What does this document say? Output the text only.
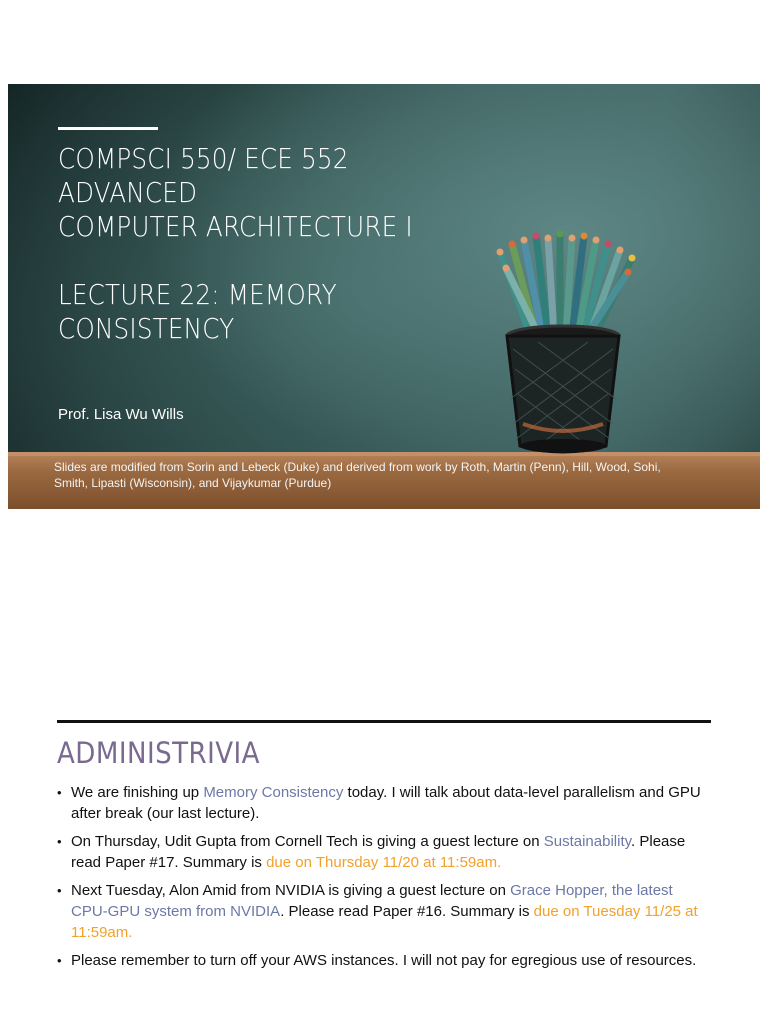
COMPSCI 550/ ECE 552
ADVANCED
COMPUTER ARCHITECTURE I
LECTURE 22: MEMORY
CONSISTENCY
Prof. Lisa Wu Wills
Slides are modified from Sorin and Lebeck (Duke) and derived from work by Roth, Martin (Penn), Hill, Wood, Sohi, Smith, Lipasti (Wisconsin), and Vijaykumar (Purdue)
ADMINISTRIVIA
• We are finishing up Memory Consistency today. I will talk about data-level parallelism and GPU after break (our last lecture).
• On Thursday, Udit Gupta from Cornell Tech is giving a guest lecture on Sustainability. Please read Paper #17. Summary is due on Thursday 11/20 at 11:59am.
• Next Tuesday, Alon Amid from NVIDIA is giving a guest lecture on Grace Hopper, the latest CPU-GPU system from NVIDIA. Please read Paper #16. Summary is due on Tuesday 11/25 at 11:59am.
• Please remember to turn off your AWS instances. I will not pay for egregious use of resources.
